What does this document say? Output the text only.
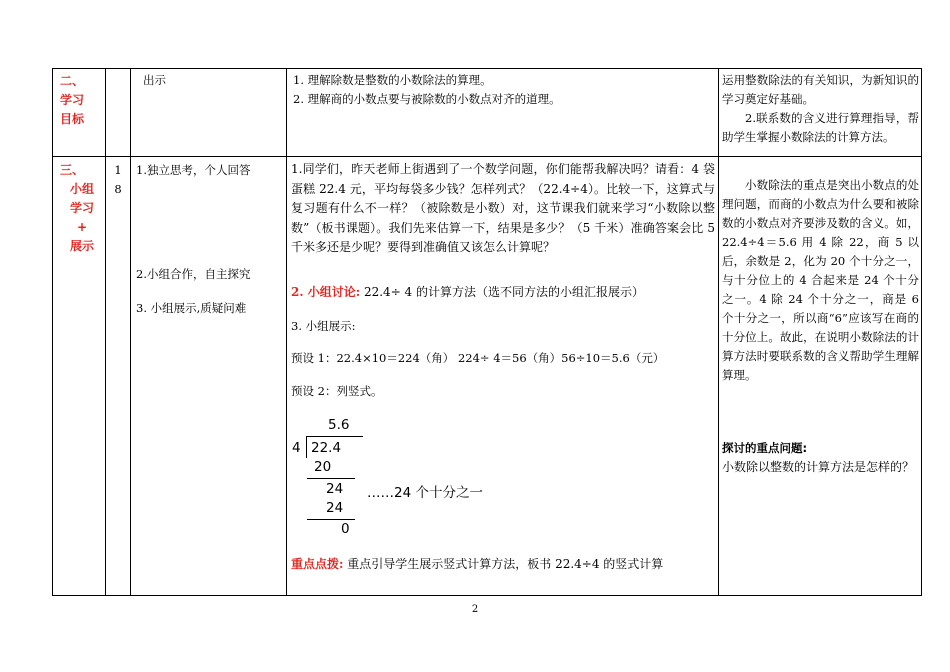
二、
学习
目标
出示	1. 理解除数是整数的小数除法的算理。

2. 理解商的小数点要与被除数的小数点对齐的道理。

运用整数除法的有关知识，为新知识的学习奠定好基础。

2.联系数的含义进行算理指导，帮助学生掌握小数除法的计算方法。

三、
小组
学习
+
展示
1
8
1.独立思考，个人回答
2.小组合作，自主探究
3. 小组展示,质疑问难
1.同学们，昨天老师上街遇到了一个数学问题，你们能帮我解决吗？请看：4 袋蛋糕 22.4 元，平均每袋多少钱？怎样列式？（22.4÷4）。比较一下，这算式与复习题有什么不一样？（被除数是小数）对，这节课我们就来学习“小数除以整数”（板书课题）。我们先来估算一下，结果是多少？（5 千米）准确答案会比 5 千米多还是少呢？要得到准确值又该怎么计算呢？
2. 小组讨论: 22.4÷ 4 的计算方法（选不同方法的小组汇报展示）
3. 小组展示:
预设 1：22.4×10＝224（角） 224÷ 4＝56（角）56÷10＝5.6（元）
预设 2：列竖式。
5.6
4 22.4
20
24 ……24 个十分之一
24
0
重点点拨: 重点引导学生展示竖式计算方法，板书 22.4÷4 的竖式计算
小数除法的重点是突出小数点的处理问题，而商的小数点为什么要和被除数的小数点对齐要涉及数的含义。如，22.4÷4＝5.6 用 4 除 22，商 5 以后，余数是 2，化为 20 个十分之一，与十分位上的 4 合起来是 24 个十分之一。4 除 24 个十分之一，商是 6 个十分之一，所以商“6”应该写在商的十分位上。故此，在说明小数除法的计算方法时要联系数的含义帮助学生理解算理。
探讨的重点问题:
小数除以整数的计算方法是怎样的？
2
